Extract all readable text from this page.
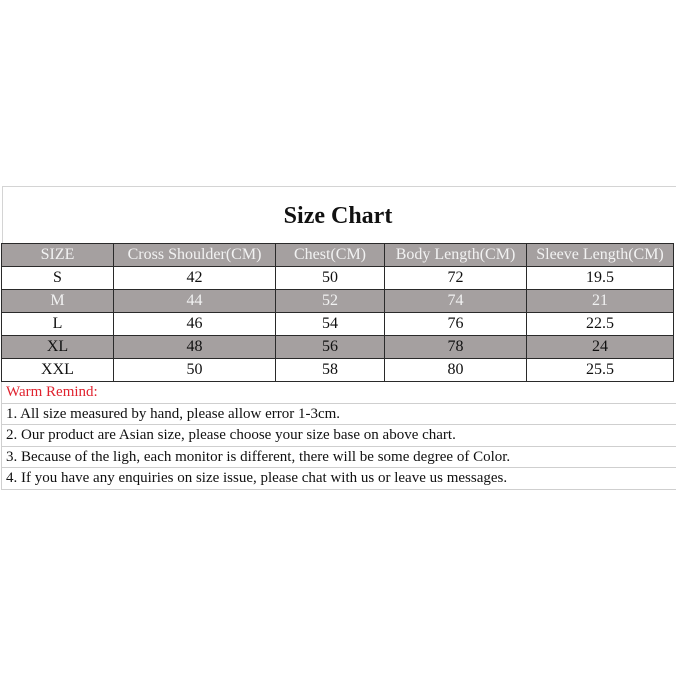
Size Chart
SIZE	Cross Shoulder(CM)	Chest(CM)	Body Length(CM)	Sleeve Length(CM)
S	42	50	72	19.5
M	44	52	74	21
L	46	54	76	22.5
XL	48	56	78	24
XXL	50	58	80	25.5
Warm Remind:
1. All size measured by hand, please allow error 1-3cm.
2. Our product are Asian size, please choose your size base on above chart.
3. Because of the ligh, each monitor is different, there will be some degree of Color.
4. If you have any enquiries on size issue, please chat with us or leave us messages.
